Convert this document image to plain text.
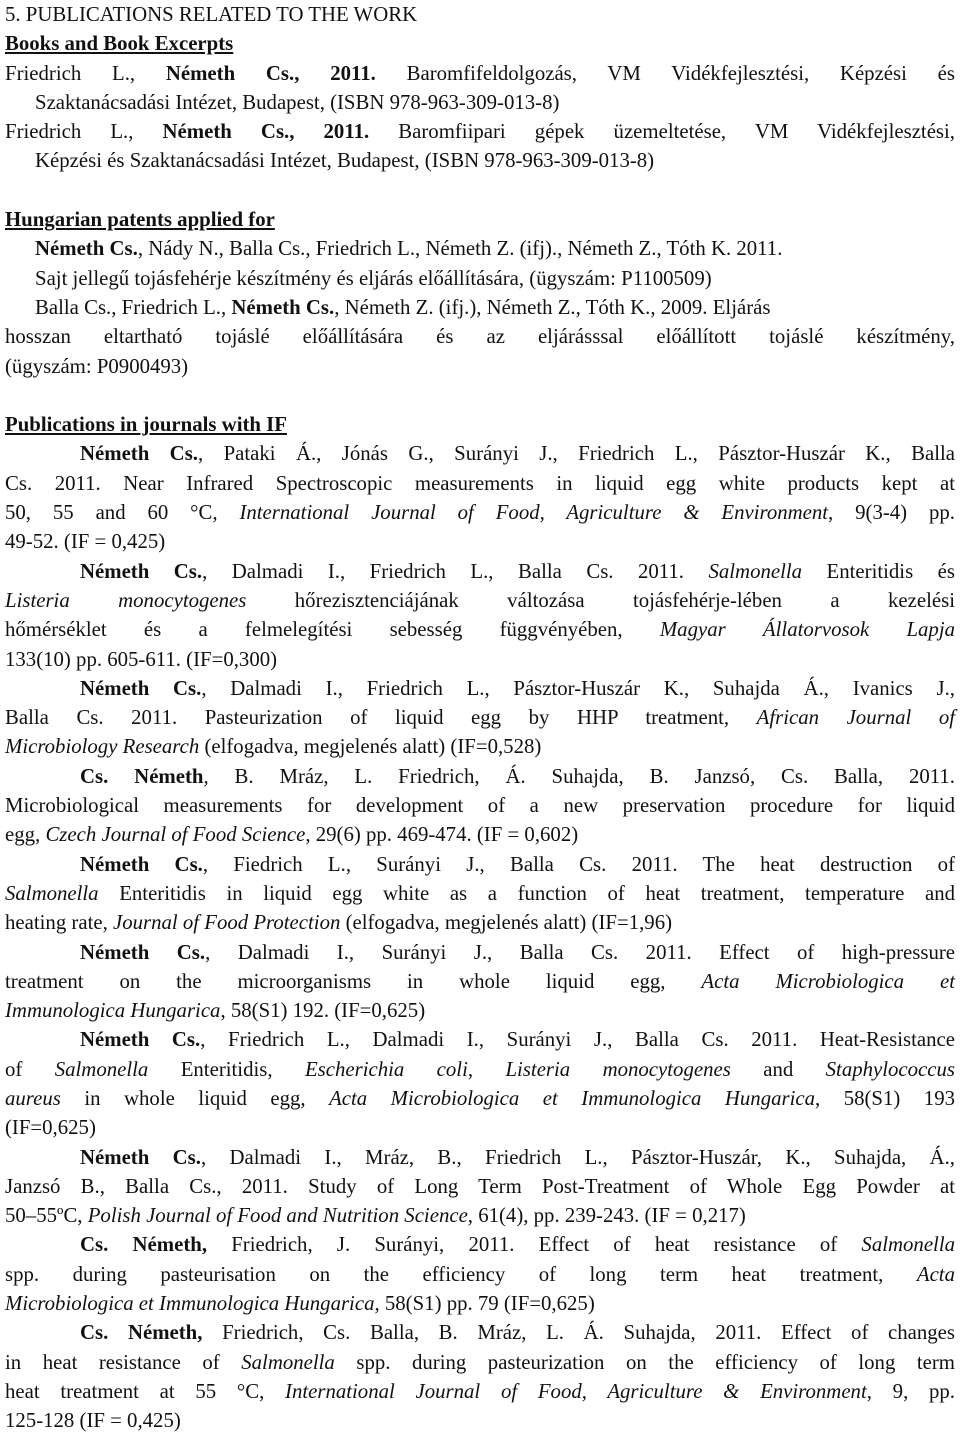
5. PUBLICATIONS RELATED TO THE WORK
Books and Book Excerpts
Friedrich L., Németh Cs., 2011. Baromfifeldolgozás, VM Vidékfejlesztési, Képzési és
Szaktanácsadási Intézet, Budapest, (ISBN 978-963-309-013-8)
Friedrich L., Németh Cs., 2011. Baromfiipari gépek üzemeltetése, VM Vidékfejlesztési,
Képzési és Szaktanácsadási Intézet, Budapest, (ISBN 978-963-309-013-8)
Hungarian patents applied for
Németh Cs., Nády N., Balla Cs., Friedrich L., Németh Z. (ifj)., Németh Z., Tóth K. 2011.
Sajt jellegű tojásfehérje készítmény és eljárás előállítására, (ügyszám: P1100509)
Balla Cs., Friedrich L., Németh Cs., Németh Z. (ifj.), Németh Z., Tóth K., 2009. Eljárás
hosszan eltartható tojáslé előállítására és az eljárásssal előállított tojáslé készítmény,
(ügyszám: P0900493)
Publications in journals with IF
Németh Cs., Pataki Á., Jónás G., Surányi J., Friedrich L., Pásztor-Huszár K., Balla
Cs. 2011. Near Infrared Spectroscopic measurements in liquid egg white products kept at
50, 55 and 60 °C, International Journal of Food, Agriculture & Environment, 9(3-4) pp.
49-52. (IF = 0,425)
Németh Cs., Dalmadi I., Friedrich L., Balla Cs. 2011. Salmonella Enteritidis és
Listeria monocytogenes hőrezisztenciájának változása tojásfehérje-lében a kezelési
hőmérséklet és a felmelegítési sebesség függvényében, Magyar Állatorvosok Lapja
133(10) pp. 605-611. (IF=0,300)
Németh Cs., Dalmadi I., Friedrich L., Pásztor-Huszár K., Suhajda Á., Ivanics J.,
Balla Cs. 2011. Pasteurization of liquid egg by HHP treatment, African Journal of
Microbiology Research (elfogadva, megjelenés alatt) (IF=0,528)
Cs. Németh, B. Mráz, L. Friedrich, Á. Suhajda, B. Janzsó, Cs. Balla, 2011.
Microbiological measurements for development of a new preservation procedure for liquid
egg, Czech Journal of Food Science, 29(6) pp. 469-474. (IF = 0,602)
Németh Cs., Fiedrich L., Surányi J., Balla Cs. 2011. The heat destruction of
Salmonella Enteritidis in liquid egg white as a function of heat treatment, temperature and
heating rate, Journal of Food Protection (elfogadva, megjelenés alatt) (IF=1,96)
Németh Cs., Dalmadi I., Surányi J., Balla Cs. 2011. Effect of high-pressure
treatment on the microorganisms in whole liquid egg, Acta Microbiologica et
Immunologica Hungarica, 58(S1) 192. (IF=0,625)
Németh Cs., Friedrich L., Dalmadi I., Surányi J., Balla Cs. 2011. Heat-Resistance
of Salmonella Enteritidis, Escherichia coli, Listeria monocytogenes and Staphylococcus
aureus in whole liquid egg, Acta Microbiologica et Immunologica Hungarica, 58(S1) 193
(IF=0,625)
Németh Cs., Dalmadi I., Mráz, B., Friedrich L., Pásztor-Huszár, K., Suhajda, Á.,
Janzsó B., Balla Cs., 2011. Study of Long Term Post-Treatment of Whole Egg Powder at
50–55ºC, Polish Journal of Food and Nutrition Science, 61(4), pp. 239-243. (IF = 0,217)
Cs. Németh, Friedrich, J. Surányi, 2011. Effect of heat resistance of Salmonella
spp. during pasteurisation on the efficiency of long term heat treatment, Acta
Microbiologica et Immunologica Hungarica, 58(S1) pp. 79 (IF=0,625)
Cs. Németh, Friedrich, Cs. Balla, B. Mráz, L. Á. Suhajda, 2011. Effect of changes
in heat resistance of Salmonella spp. during pasteurization on the efficiency of long term
heat treatment at 55 °C, International Journal of Food, Agriculture & Environment, 9, pp.
125-128 (IF = 0,425)
